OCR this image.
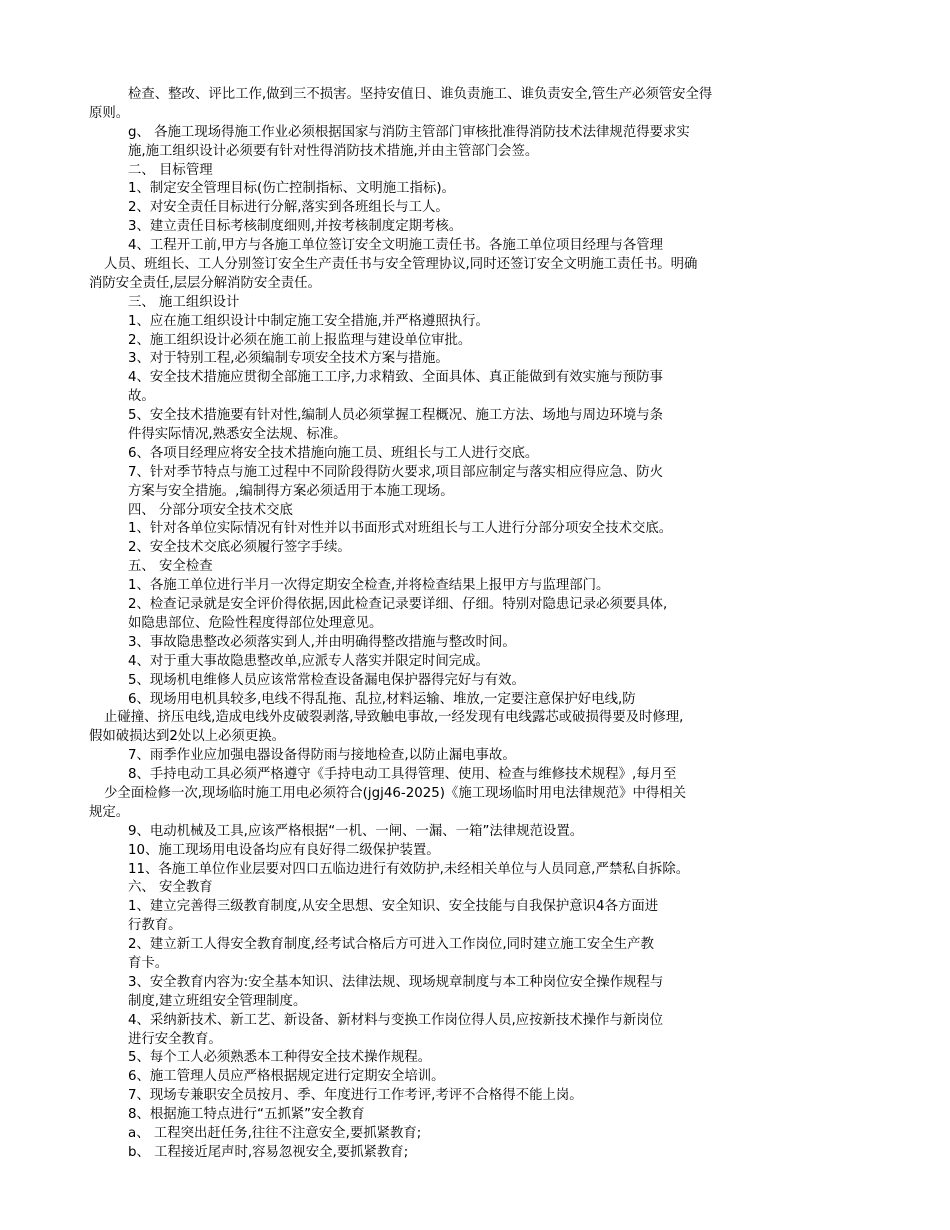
检查、整改、评比工作,做到三不损害。坚持安值日、谁负责施工、谁负责安全,管生产必须管安全得
原则。
g、 各施工现场得施工作业必须根据国家与消防主管部门审核批准得消防技术法律规范得要求实
施,施工组织设计必须要有针对性得消防技术措施,并由主管部门会签。
二、 目标管理
1、制定安全管理目标(伤亡控制指标、文明施工指标)。
2、对安全责任目标进行分解,落实到各班组长与工人。
3、建立责任目标考核制度细则,并按考核制度定期考核。
4、工程开工前,甲方与各施工单位签订安全文明施工责任书。各施工单位项目经理与各管理
人员、班组长、工人分别签订安全生产责任书与安全管理协议,同时还签订安全文明施工责任书。明确
消防安全责任,层层分解消防安全责任。
三、 施工组织设计
1、应在施工组织设计中制定施工安全措施,并严格遵照执行。
2、施工组织设计必须在施工前上报监理与建设单位审批。
3、对于特别工程,必须编制专项安全技术方案与措施。
4、安全技术措施应贯彻全部施工工序,力求精致、全面具体、真正能做到有效实施与预防事
故。
5、安全技术措施要有针对性,编制人员必须掌握工程概况、施工方法、场地与周边环境与条
件得实际情况,熟悉安全法规、标准。
6、各项目经理应将安全技术措施向施工员、班组长与工人进行交底。
7、针对季节特点与施工过程中不同阶段得防火要求,项目部应制定与落实相应得应急、防火
方案与安全措施。,编制得方案必须适用于本施工现场。
四、 分部分项安全技术交底
1、针对各单位实际情况有针对性并以书面形式对班组长与工人进行分部分项安全技术交底。
2、安全技术交底必须履行签字手续。
五、 安全检查
1、各施工单位进行半月一次得定期安全检查,并将检查结果上报甲方与监理部门。
2、检查记录就是安全评价得依据,因此检查记录要详细、仔细。特别对隐患记录必须要具体,
如隐患部位、危险性程度得部位处理意见。
3、事故隐患整改必须落实到人,并由明确得整改措施与整改时间。
4、对于重大事故隐患整改单,应派专人落实并限定时间完成。
5、现场机电维修人员应该常常检查设备漏电保护器得完好与有效。
6、现场用电机具较多,电线不得乱拖、乱拉,材料运输、堆放,一定要注意保护好电线,防
止碰撞、挤压电线,造成电线外皮破裂剥落,导致触电事故,一经发现有电线露芯或破损得要及时修理,
假如破损达到2处以上必须更换。
7、雨季作业应加强电器设备得防雨与接地检查,以防止漏电事故。
8、手持电动工具必须严格遵守《手持电动工具得管理、使用、检查与维修技术规程》,每月至
少全面检修一次,现场临时施工用电必须符合(jgj46-2025)《施工现场临时用电法律规范》中得相关
规定。
9、电动机械及工具,应该严格根据“一机、一闸、一漏、一箱”法律规范设置。
10、施工现场用电设备均应有良好得二级保护装置。
11、各施工单位作业层要对四口五临边进行有效防护,未经相关单位与人员同意,严禁私自拆除。
六、 安全教育
1、建立完善得三级教育制度,从安全思想、安全知识、安全技能与自我保护意识4各方面进
行教育。
2、建立新工人得安全教育制度,经考试合格后方可进入工作岗位,同时建立施工安全生产教
育卡。
3、安全教育内容为:安全基本知识、法律法规、现场规章制度与本工种岗位安全操作规程与
制度,建立班组安全管理制度。
4、采纳新技术、新工艺、新设备、新材料与变换工作岗位得人员,应按新技术操作与新岗位
进行安全教育。
5、每个工人必须熟悉本工种得安全技术操作规程。
6、施工管理人员应严格根据规定进行定期安全培训。
7、现场专兼职安全员按月、季、年度进行工作考评,考评不合格得不能上岗。
8、根据施工特点进行“五抓紧”安全教育
a、 工程突出赶任务,往往不注意安全,要抓紧教育;
b、 工程接近尾声时,容易忽视安全,要抓紧教育;
